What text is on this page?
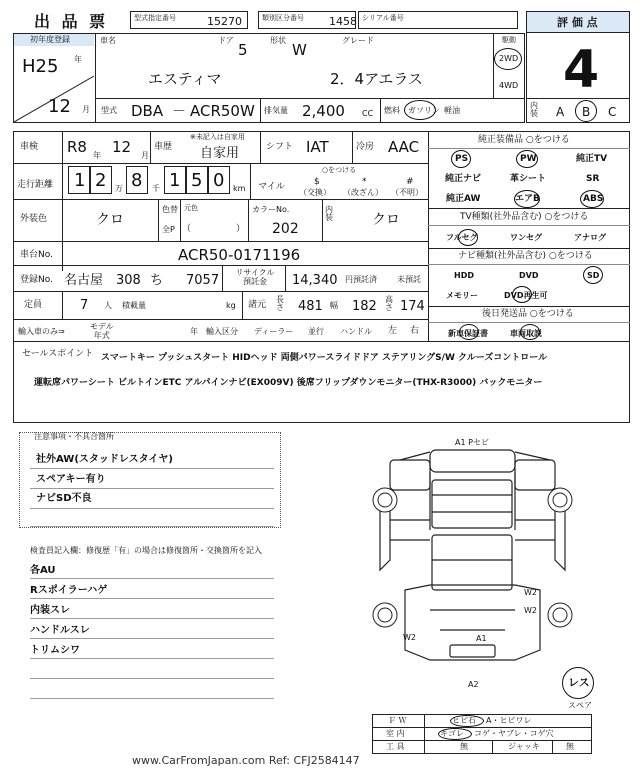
出 品 票	型式指定番号	15270	類別区分番号 1458 シリアル番号	評 価 点
4
初年度登録
H25 年
12 月
車名
エスティマ
ドア
5
形状
W
グレード
2．4アエラス
駆動
2WD
4WD
型式 DBA － ACR50W 排気量 2,400 CC 燃料 ガソリン 軽油
内装 A B C
車検 R8 年 12 月
車歴
※未記入は自家用
自家用	シフト IAT	冷房 AAC
走行距離 1 2 万 8 千 1 5 0 km マイル
○をつける
$
（交換）
*
（改ざん）
#
（不明）
外装色	クロ
色替
全P
元色
（	）
カラーNo.
202
内装	クロ
車台No.	ACR50-0171196
登録No. 名古屋 308 ち 7057
リサイクル
預託金	14,340 円預託済	未預託
定員	7 人 積載量	kg 諸元
長さ 481 幅 182 高さ 174
輸入車のみ⇒
モデル
年式	年 輸入区分 ディーラー 並行 ハンドル 左 右
純正装備品 ○をつける
PS	PW	純正TV
純正ナビ	革シート	SR
純正AW	エアB	ABS
TV種類(社外品含む) ○をつける
フルセグ	ワンセグ	アナログ
ナビ種類(社外品含む) ○をつける
HDD	DVD	SD
メモリー	DVD再生可
後日発送品 ○をつける
新車保証書	車両取説
セールスポイント スマートキー プッシュスタート HIDヘッド 両側パワースライドドア ステアリングS/W クルーズコントロール
運転席パワーシート ビルトインETC アルパインナビ(EX009V) 後席フリップダウンモニター(THX-R3000) バックモニター
注意事項・不具合箇所
社外AW(スタッドレスタイヤ)
スペアキー有り
ナビSD不良
検査員記入欄：修復歴「有」の場合は修復箇所・交換箇所を記入
各AU
Rスポイラーハゲ
内装スレ
ハンドルスレ
トリムシワ
A1 Pセビ
W2
W2
W2	A1
A2	レス
スペア
Ｆ Ｗ	ヒビ石 A・ヒビワレ
室 内	キゴレ コゲ・ヤブレ・コゲ穴
工 具	無	ジャッキ	無
www.CarFromJapan.com Ref: CFJ2584147
